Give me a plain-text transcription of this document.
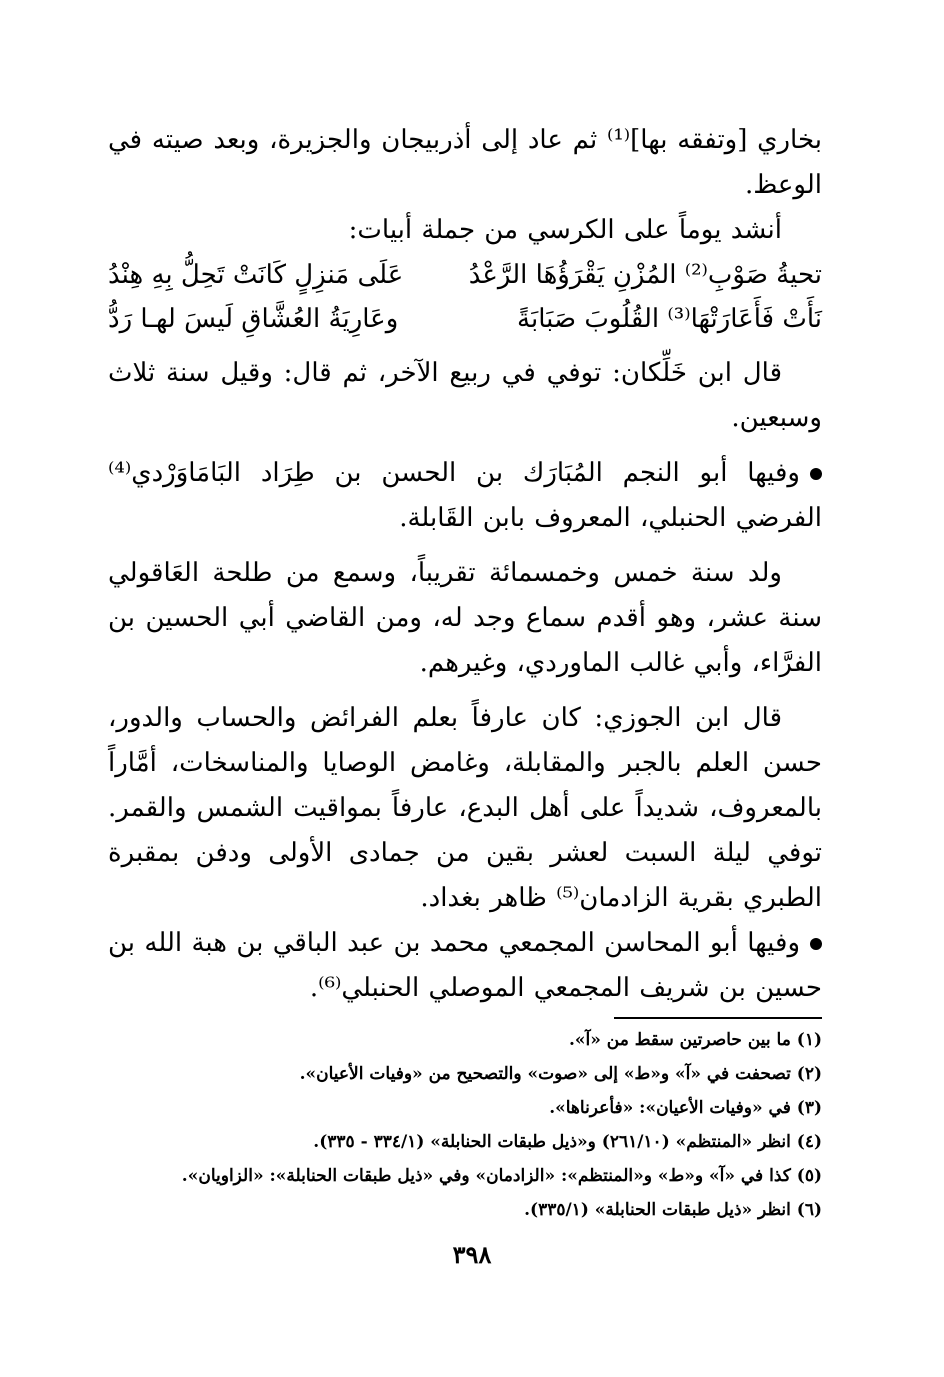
بخاري [وتفقه بها]⁽¹⁾ ثم عاد إلى أذربيجان والجزيرة، وبعد صيته في الوعظ.

أنشد يوماً على الكرسي من جملة أبيات:

تحيةُ صَوْبِ⁽²⁾ المُزْنِ يَقْرَؤُهَا الرَّعْدُ
عَلَى مَنزِلٍ كَانَتْ تَحِلُّ بِهِ هِنْدُ
نَأَتْ فَأَعَارَتْهَا⁽³⁾ القُلُوبَ صَبَابَةً
وعَارِيَةُ العُشَّاقِ لَيسَ لهـا رَدُّ

قال ابن خَلِّكان: توفي في ربيع الآخر، ثم قال: وقيل سنة ثلاث وسبعين.

وفيها أبو النجم المُبَارَك بن الحسن بن طِرَاد البَامَاوَرْدي⁽⁴⁾ الفرضي الحنبلي، المعروف بابن القَابلة.

ولد سنة خمس وخمسمائة تقريباً، وسمع من طلحة العَاقولي سنة عشر، وهو أقدم سماع وجد له، ومن القاضي أبي الحسين بن الفرَّاء، وأبي غالب الماوردي، وغيرهم.

قال ابن الجوزي: كان عارفاً بعلم الفرائض والحساب والدور، حسن العلم بالجبر والمقابلة، وغامض الوصايا والمناسخات، أمَّاراً بالمعروف، شديداً على أهل البدع، عارفاً بمواقيت الشمس والقمر. توفي ليلة السبت لعشر بقين من جمادى الأولى ودفن بمقبرة الطبري بقرية الزادمان⁽⁵⁾ ظاهر بغداد.

وفيها أبو المحاسن المجمعي محمد بن عبد الباقي بن هبة الله بن حسين بن شريف المجمعي الموصلي الحنبلي⁽⁶⁾.

(١) ما بين حاصرتين سقط من «آ».
(٢) تصحفت في «آ» و«ط» إلى «صوت» والتصحيح من «وفيات الأعيان».
(٣) في «وفيات الأعيان»: «فأعرناها».
(٤) انظر «المنتظم» (٢٦١/١٠) و«ذيل طبقات الحنابلة» (٣٣٤/١ - ٣٣٥).
(٥) كذا في «آ» و«ط» و«المنتظم»: «الزادمان» وفي «ذيل طبقات الحنابلة»: «الزاويان».
(٦) انظر «ذيل طبقات الحنابلة» (٣٣٥/١).
٣٩٨
